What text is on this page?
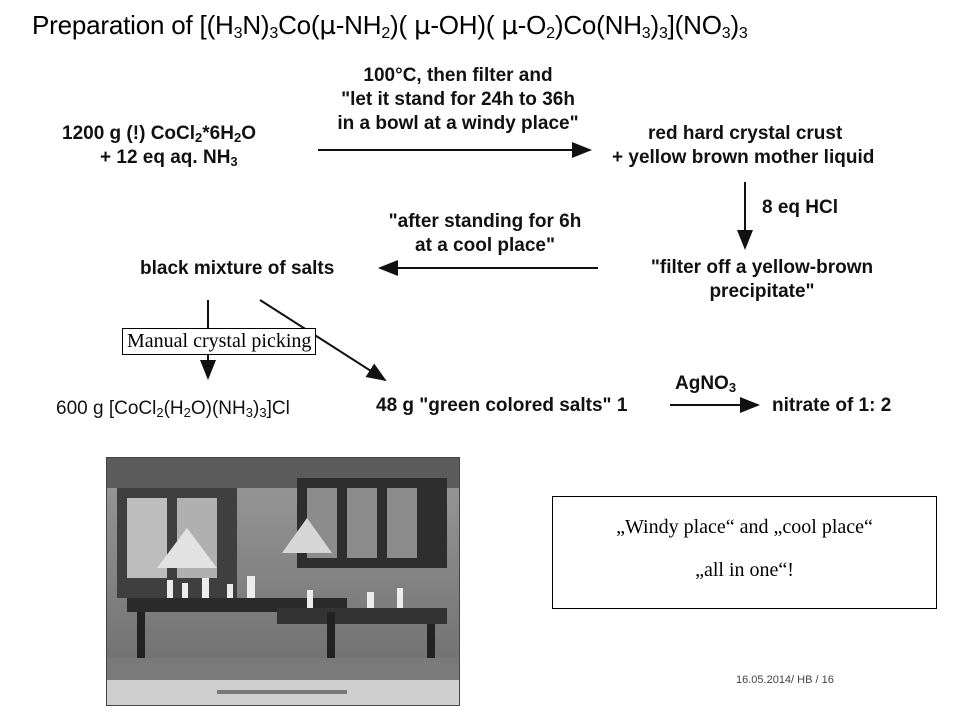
Preparation of [$(H_3N)_3Co(\mu-NH_2)$( µ-OH)( $\mu-O_2)Co(NH_3)_3](NO_3)_3$
1200 g (!) $CoCl_2*6H_2O$
+ 12 eq aq. $NH_3$
100°C, then filter and
"let it stand for 24h to 36h
in a bowl at a windy place"	red hard crystal crust
+ yellow brown mother liquid
8 eq HCl
"filter off a yellow-brown
precipitate"
"after standing for 6h
at a cool place"
black mixture of salts
Manual crystal picking
600 g $[CoCl_2(H_2O)(NH_3)_3]Cl$	48 g "green colored salts" 1
AgNO$_3$
nitrate of 1: 2
„Windy place“ and „cool place“
„all in one“!
16.05.2014/ HB / 16
